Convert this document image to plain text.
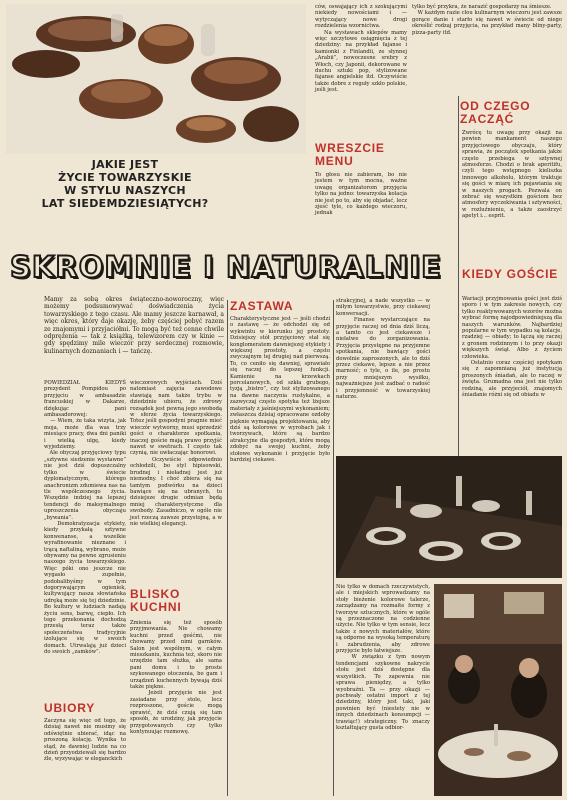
JAKIE JEST
ŻYCIE TOWARZYSKIE
W STYLU NASZYCH
LAT SIEDEMDZIESIĄTYCH?
ców, oswajający ich z szokującymi niekiedy nowościami i — wytyczający nowe drogi rozdzielenia wzornictwa.
Na wystawach sklepów mamy więc szczytowe osiągnięcia z tej dziedziny: na przykład fajanse i kamionki z Finlandii, ze słynnej „Arabii”, nowoczesne srebry z Włoch, czy Japonii, dekorowane w duchu sztuki pop, stylizowane fajanse angielskie itd. Oczywiście także dobre z reguły szkło polskie, jeśli jest.
WRESZCIE MENU
To głosu nie zabieram, bo nie jestem w tym mocna, ważne uwagę organizatorom przyjęcia tylko na jedno: towarzyska kolacja nie jest po to, aby się objadać, lecz zjeść tyle, co każdego wieczoru, jednak
tylko być przykra, że narazić gospodarzy na śmiesze.
W każdym razie cłou kulinarnym wieczoru jest zawsze gorące danie i starło się nawet w świecie od niego określić rodzaj przyjęcia, na przykład many bliny-party, pizza-party itd.
OD CZEGO ZACZĄĆ
Zwrócę tu uwagę przy okazji na pewien mankament naszego przyjęciowego obyczaju, który sprawia, że początek spotkania jakże często przebiega w sztywnej atmosferze. Chodzi o brak aperitifu, czyli tego wstępnego kieliszka innowego alkoholu, którym traktuje się gości w miarę ich pojawiania się w naszych progach. Pozwala on zebrać się wszystkim gościom bez atmosfery wyczekiwania i sztywności, w rozluźnieniu, a także zaostrzyć apetyt i... esprit.
SKROMNIE I NATURALNIE	KIEDY GOŚCIE
Wariacji przyjmowania gości jest dziś sporo i w tym zakresie nowych, czy tylko reaktywowanych wzorów można wybrać formę najodpowiedniejszą dla naszych warunków. Najbardziej popularne w tym wypadku są kolacje, rzadziej — obiady; to łączą się raczej z gronem rodzinnym i to przy okazji większych świąt. Albo z życiem człowieka.
Ostatnio coraz częściej spotykam się z zapomnianą już instytucją proszonych śniadań, ale to raczej w święta. Grumadna ona jest nie tylko rodziną, ale przyjeciół, znajomych śniadanie różni się od obiadu w
Mamy za sobą okres świąteczno-noworoczny, więc możemy podsumowywać doświadczenia życia towarzyskiego z tego czasu. Ale mamy jeszcze karnawał, a więc okres, który daje okazję, żeby częściej pobyć razem ze znajomymi i przyjaciółmi. To mogą być też cenne chwile odprężenia — tak z książką, telewizorem czy w kinie — gdy spędzimy mile wieczór przy serdecznej rozmowie, kulinarnych doznaniach i — tańczę.
POWIEDZIAŁ KIEDYŚ prezydent Pompidou po przyjęciu w ambasadzie francuskiej w Dakarze, dziękując pani ambasadorowej:
— Wiem, że taka wizyta, jak moja, może dla was trzy miesiące pracy, dwa dni paniki i wielką ulgę, kiedy wyjedziemy.
Ale obyczaj przyjęciowy typu „sztywne siedzenie wystawne” nie jest dziś dopuszczalny tylko w świecie dyplomatycznym, którego anachronizm zdumiewa nas na tle współczesnego życia. Wszędzie indziej na lepszej tendencji do maksymalnego uproszczenia obyczaju „bywania”.
Demokratyzacja etykiety, kiedy przykałą sztywne konwenanse, a wszelkie wyrafinowanie nieznane i trącą naftaliną, wybrano, może obywamy na pewne zgrusieniu naszego życia towarzyskiego. Więc póki ono jeszcze nie wygasło zupełnie, podobalibyśmy w tym dogorywającym ogieniek, kultywujący nasza słowiańska udręką może się tej dziedzinie. Bo kultury w ludziach nadają życiu sens, barwę, ciepło. Ich tego przekonania dochodzą przesłą teraz także społeczeństwa tradycyjnie izolujące się w swoich domach. Utrwalają już dzieci do swoich „zamków”.
UBIORY
Zaczyna się więc od tego, że dzisiaj nawet nie musimy się odświętnie ubierać, idąc na proszoną kolację. Wynika to stąd, że dawniej ludzie na co dzień przyodziewali się bardzo źle, wyzywając w eleganckich
wieczorowych wyjściach. Dziś natomiast zajęcia zawodowe stawiają nam także trybu w dziedzinie ubioru, że zdrowy rozsądek jest pewną jego swobodą w sferze życia towarzyskiego. Totez jeśli gospodyni pragnie mieć wieczór wytworny, musi uprzedzić gości o charakterze spotkania, inaczej goście mają prawo przyjść nawet w swetrach. I często tak czynią, nie uwłaczając honorowi.
Oczywiście odpowiednio ochłodzili, bo styl hipisowski, brudnej i nieładnej jest już niemodny. I choć zbiera się na tamtym podwórku na dzieci bawiące się na ubranych, to dzisiejsze drugie odmian będą mniej charakterystyczne dla swobody. Zasadniczo, w ogóle nie jest rzeczą zawsze przystojną, a w nie wielkiej elegancji.
BLISKO KUCHNI
Zmienia się też sposób przyjmowania. Nie chowamy kuchni przed gośćmi, nie chowamy przed nimi garnków. Salon jest wspólnym, w całym mieszkaniu, kuchnia też, skoro nie urzędzie tam służka, ale sama pani domu i to proste szykowanego otoczenia, bo gam i urządzeń kuchennych bywają dziś także piękne.
Jeżeli przyjęcie nie jest zasiadane przy stole, lecz rozproszone, goście mogą sprawić, że dziś czują się tam sposób, że urodziny, jak przyjęcie przygotowanych czy tylko kontynuując rozmowę.
ZASTAWA
Charakterystyczne jest — jeśli chodzi o zastawę — że odchodzi się od wykwintu w kierunku jej prostoty. Dzisiejszy stół przyjęciowy stał się konglomeratem dawniejszej etykiety i większej prostoty, a często zwyczajnym tej drugiej nad pierwszą. To, co ceniło się dawniej, sprawiało się raczej do lepszej funkcji. Kamienie na krzewkach porcelanowych, od szkła grubego, tyzją „bistro”, czy też stylizowanego na dawne naczynia rustykalne, a zazwyczaj często spotyka też lżejsze materiały z jaśniejszymi wykonaniem; zwłaszcza dzisiaj opracowane ozdoby pięknie wymagają projektowania, aby dziś są kolorowe w wyrobach jak i tworzywach, które są bardzo atrakcyjne dla gospodyń, które mogą zdobyć na swojej kuchni, żeby stołowe wykonanie i przyjęcie było bardziej ciekawe.
strakcyjnej, a nade wszystko — w miłym towarzystwie, przy ciekawej konwersacji.
Finanse wystarczające na przyjęcie raczej od dnia dziś liczą, a tamto co jest ciekawsze i niełatwe do zorganizowania. Przyjęcia przystępne na przyjemne spotkania, nie bawiący gości dowolnie zaproszonych, ale to dziś przez ciekawe, lepsze a nie przez marność; o tyle, o ile, po prostu przy mniejszym wysiłku, najważniejsze jest zadbać o radość i przyjemność w towarzyskiej naturze.
Nie tylko w domach rzeczywistych, ale i miejskich wprowadzamy na stoły bieżenie kolorowe talerze, zarządzamy na rozmaite formy z tworzyw sztucznych, które w ogóle są przeznaczone na codzienne użycie. Nie tylko w tym sensie, lecz także z nowych materiałów, które są odporne na wysoką temperaturę i zabrudzenia, aby zdrowe przyjęcie było łatwiejsze.
W związku z tym nowym tendencjami szykowne nakrycie stołu jest dziś dostępne dla wszystkich. To zapewnia nie sprawa pieniędzy, a tylko wyobraźni. Ta — przy okazji — pochwały ostatni import z tej dziedziny, który jest taki, jaki powinien być (niestety nie w innych dziedzinach konsumpcji — trawiąc!) strategiczny. To znaczy kształtujący gusta odbior-
